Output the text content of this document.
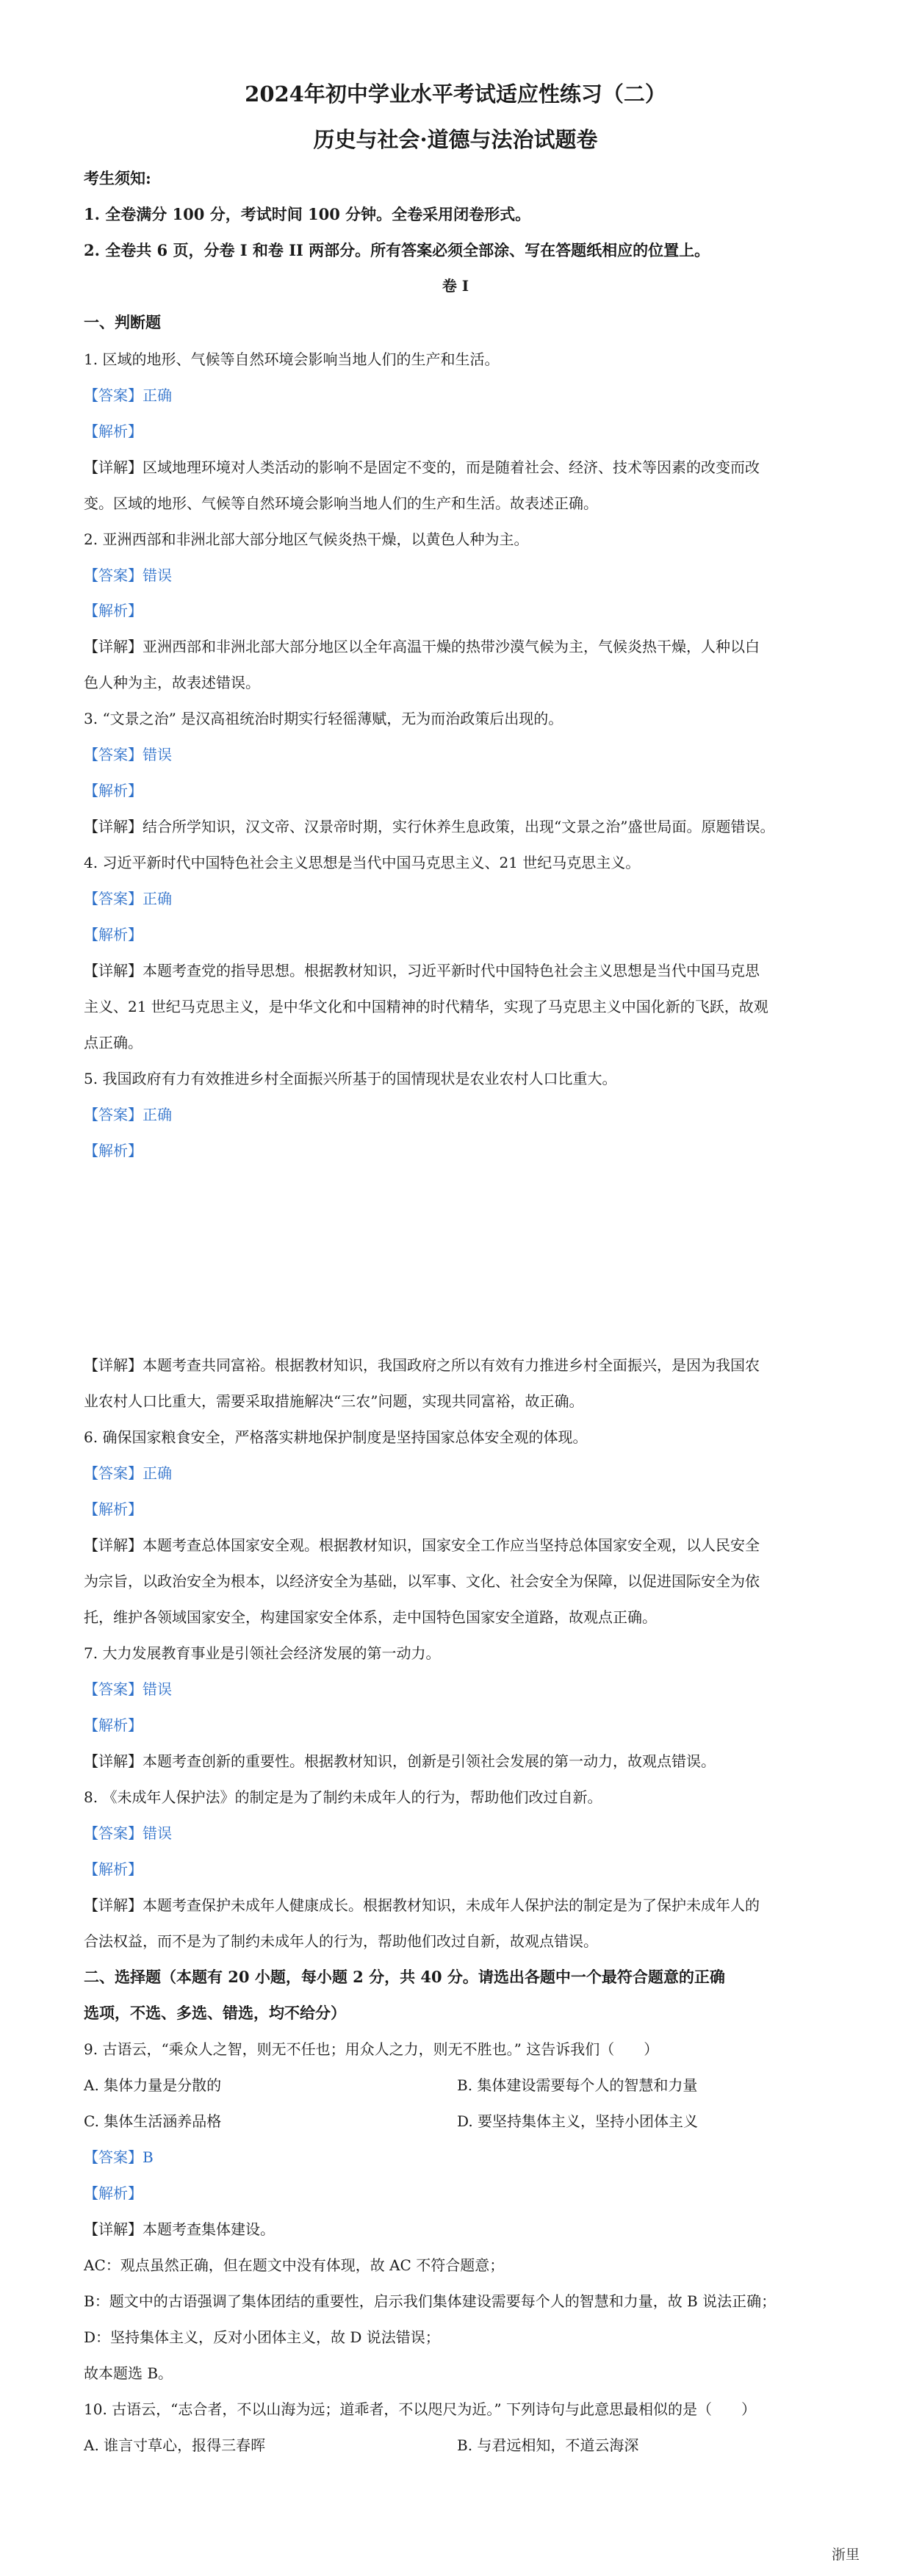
2024年初中学业水平考试适应性练习（二）
历史与社会·道德与法治试题卷
考生须知:
1. 全卷满分 100 分，考试时间 100 分钟。全卷采用闭卷形式。
2. 全卷共 6 页，分卷 I 和卷 II 两部分。所有答案必须全部涂、写在答题纸相应的位置上。
卷 I
一、判断题
1. 区域的地形、气候等自然环境会影响当地人们的生产和生活。
【答案】正确
【解析】
【详解】区域地理环境对人类活动的影响不是固定不变的，而是随着社会、经济、技术等因素的改变而改
变。区域的地形、气候等自然环境会影响当地人们的生产和生活。故表述正确。
2. 亚洲西部和非洲北部大部分地区气候炎热干燥，以黄色人种为主。
【答案】错误
【解析】
【详解】亚洲西部和非洲北部大部分地区以全年高温干燥的热带沙漠气候为主，气候炎热干燥，人种以白
色人种为主，故表述错误。
3. “文景之治” 是汉高祖统治时期实行轻徭薄赋，无为而治政策后出现的。
【答案】错误
【解析】
【详解】结合所学知识，汉文帝、汉景帝时期，实行休养生息政策，出现“文景之治”盛世局面。原题错误。
4. 习近平新时代中国特色社会主义思想是当代中国马克思主义、21 世纪马克思主义。
【答案】正确
【解析】
【详解】本题考查党的指导思想。根据教材知识，习近平新时代中国特色社会主义思想是当代中国马克思
主义、21 世纪马克思主义，是中华文化和中国精神的时代精华，实现了马克思主义中国化新的飞跃，故观
点正确。
5. 我国政府有力有效推进乡村全面振兴所基于的国情现状是农业农村人口比重大。
【答案】正确
【解析】
【详解】本题考查共同富裕。根据教材知识，我国政府之所以有效有力推进乡村全面振兴，是因为我国农
业农村人口比重大，需要采取措施解决“三农”问题，实现共同富裕，故正确。
6. 确保国家粮食安全，严格落实耕地保护制度是坚持国家总体安全观的体现。
【答案】正确
【解析】
【详解】本题考查总体国家安全观。根据教材知识，国家安全工作应当坚持总体国家安全观，以人民安全
为宗旨，以政治安全为根本，以经济安全为基础，以军事、文化、社会安全为保障，以促进国际安全为依
托，维护各领域国家安全，构建国家安全体系，走中国特色国家安全道路，故观点正确。
7. 大力发展教育事业是引领社会经济发展的第一动力。
【答案】错误
【解析】
【详解】本题考查创新的重要性。根据教材知识，创新是引领社会发展的第一动力，故观点错误。
8. 《未成年人保护法》的制定是为了制约未成年人的行为，帮助他们改过自新。
【答案】错误
【解析】
【详解】本题考查保护未成年人健康成长。根据教材知识，未成年人保护法的制定是为了保护未成年人的
合法权益，而不是为了制约未成年人的行为，帮助他们改过自新，故观点错误。
二、选择题（本题有 20 小题，每小题 2 分，共 40 分。请选出各题中一个最符合题意的正确
选项，不选、多选、错选，均不给分）
9. 古语云，“乘众人之智，则无不任也；用众人之力，则无不胜也。” 这告诉我们（　　）
A. 集体力量是分散的	B. 集体建设需要每个人的智慧和力量
C. 集体生活涵养品格	D. 要坚持集体主义，坚持小团体主义
【答案】B
【解析】
【详解】本题考查集体建设。
AC：观点虽然正确，但在题文中没有体现，故 AC 不符合题意；
B：题文中的古语强调了集体团结的重要性，启示我们集体建设需要每个人的智慧和力量，故 B 说法正确；
D：坚持集体主义，反对小团体主义，故 D 说法错误；
故本题选 B。
10. 古语云，“志合者，不以山海为远；道乖者，不以咫尺为近。” 下列诗句与此意思最相似的是（　　）
A. 谁言寸草心，报得三春晖	B. 与君远相知，不道云海深
浙里
